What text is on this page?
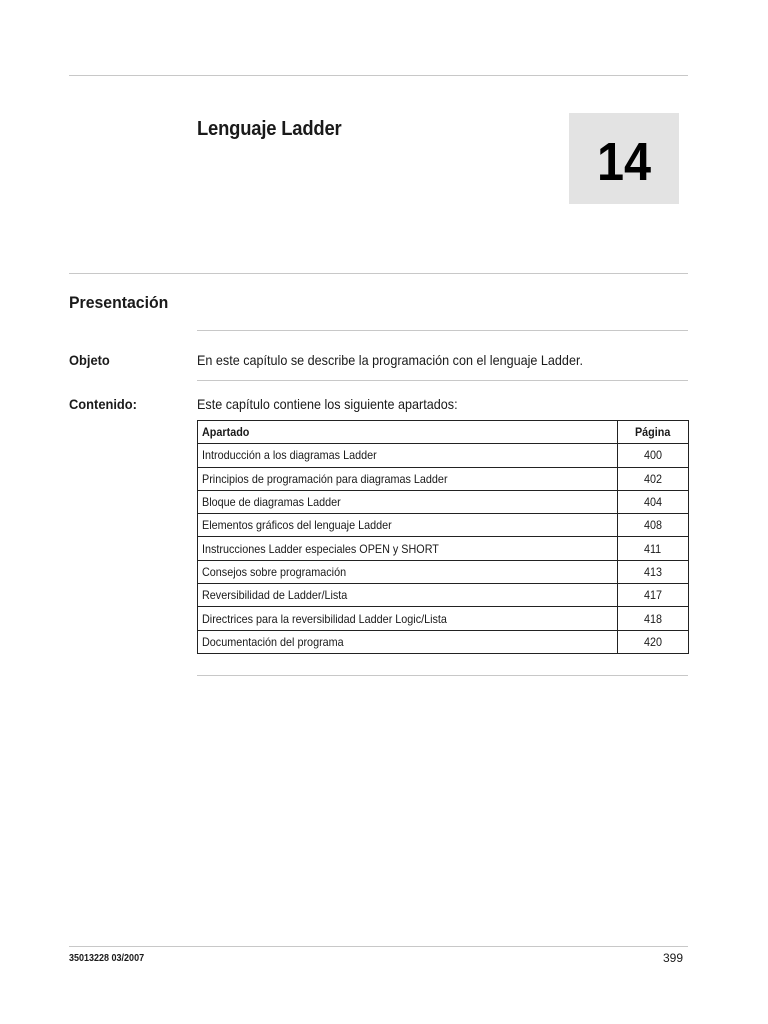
Lenguaje Ladder
14
Presentación
Objeto	En este capítulo se describe la programación con el lenguaje Ladder.
Contenido:	Este capítulo contiene los siguiente apartados:
Apartado	Página
Introducción a los diagramas Ladder	400
Principios de programación para diagramas Ladder	402
Bloque de diagramas Ladder	404
Elementos gráficos del lenguaje Ladder	408
Instrucciones Ladder especiales OPEN y SHORT	411
Consejos sobre programación	413
Reversibilidad de Ladder/Lista	417
Directrices para la reversibilidad Ladder Logic/Lista	418
Documentación del programa	420
35013228 03/2007	399
